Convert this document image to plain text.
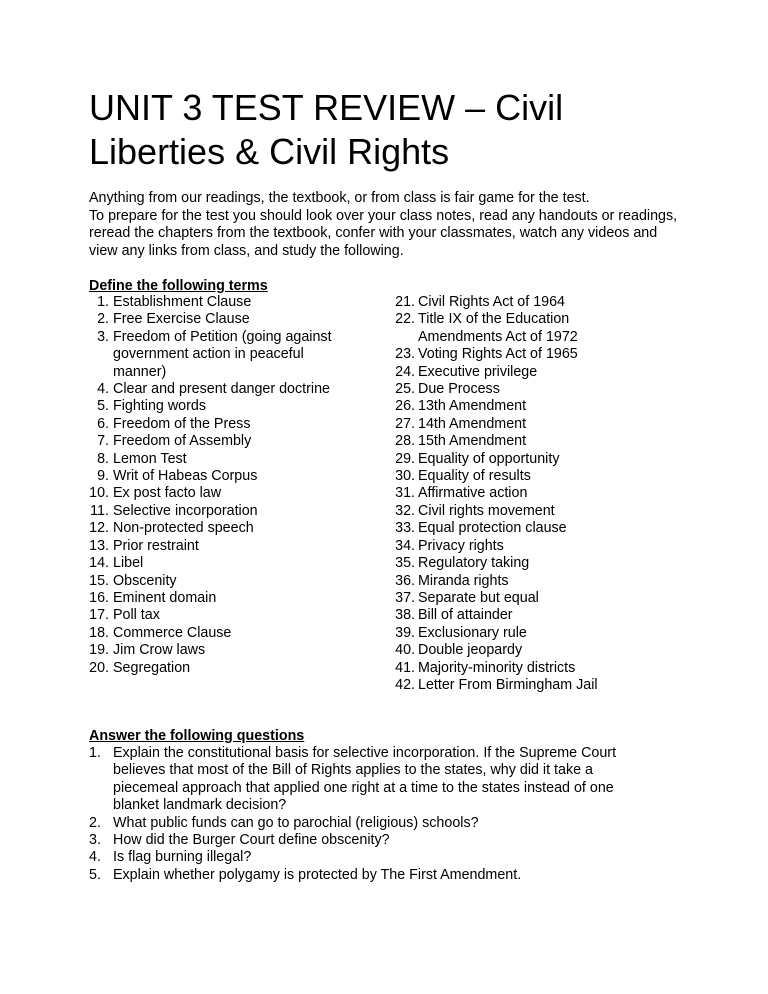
UNIT 3 TEST REVIEW – Civil Liberties & Civil Rights

Anything from our readings, the textbook, or from class is fair game for the test.

To prepare for the test you should look over your class notes, read any handouts or readings, reread the chapters from the textbook, confer with your classmates, watch any videos and view any links from class, and study the following.

Define the following terms
1. Establishment Clause
2. Free Exercise Clause
3. Freedom of Petition (going against government action in peaceful manner)
4. Clear and present danger doctrine
5. Fighting words
6. Freedom of the Press
7. Freedom of Assembly
8. Lemon Test
9. Writ of Habeas Corpus
10. Ex post facto law
11. Selective incorporation
12. Non-protected speech
13. Prior restraint
14. Libel
15. Obscenity
16. Eminent domain
17. Poll tax
18. Commerce Clause
19. Jim Crow laws
20. Segregation
21. Civil Rights Act of 1964
22. Title IX of the Education Amendments Act of 1972
23. Voting Rights Act of 1965
24. Executive privilege
25. Due Process
26. 13th Amendment
27. 14th Amendment
28. 15th Amendment
29. Equality of opportunity
30. Equality of results
31. Affirmative action
32. Civil rights movement
33. Equal protection clause
34. Privacy rights
35. Regulatory taking
36. Miranda rights
37. Separate but equal
38. Bill of attainder
39. Exclusionary rule
40. Double jeopardy
41. Majority-minority districts
42. Letter From Birmingham Jail
Answer the following questions
1. Explain the constitutional basis for selective incorporation. If the Supreme Court believes that most of the Bill of Rights applies to the states, why did it take a piecemeal approach that applied one right at a time to the states instead of one blanket landmark decision?
2. What public funds can go to parochial (religious) schools?
3. How did the Burger Court define obscenity?
4. Is flag burning illegal?
5. Explain whether polygamy is protected by The First Amendment.
